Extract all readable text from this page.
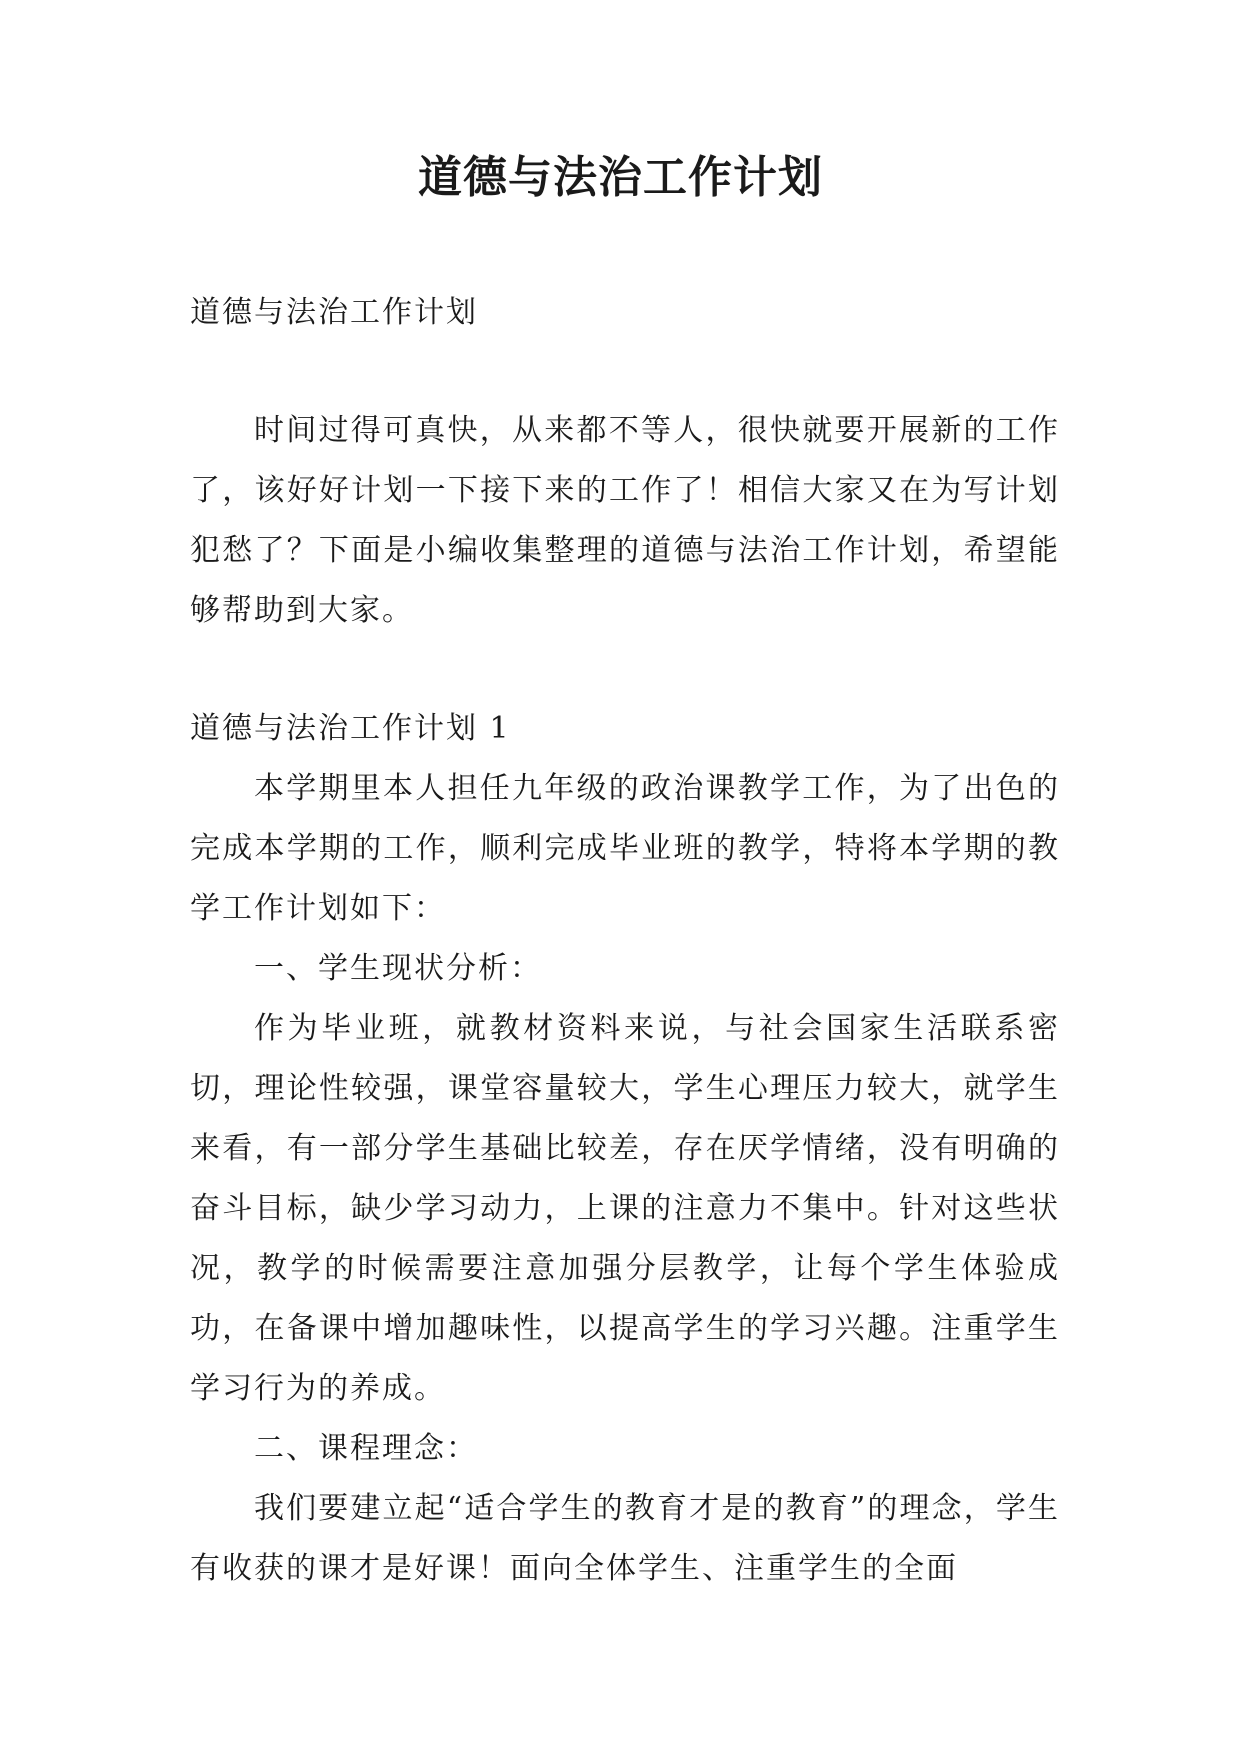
道德与法治工作计划

道德与法治工作计划

时间过得可真快，从来都不等人，很快就要开展新的工作了，该好好计划一下接下来的工作了！相信大家又在为写计划犯愁了？下面是小编收集整理的道德与法治工作计划，希望能够帮助到大家。

道德与法治工作计划 1

本学期里本人担任九年级的政治课教学工作，为了出色的完成本学期的工作，顺利完成毕业班的教学，特将本学期的教学工作计划如下：

一、学生现状分析：

作为毕业班，就教材资料来说，与社会国家生活联系密切，理论性较强，课堂容量较大，学生心理压力较大，就学生来看，有一部分学生基础比较差，存在厌学情绪，没有明确的奋斗目标，缺少学习动力，上课的注意力不集中。针对这些状况，教学的时候需要注意加强分层教学，让每个学生体验成功，在备课中增加趣味性，以提高学生的学习兴趣。注重学生学习行为的养成。

二、课程理念：

我们要建立起“适合学生的教育才是的教育”的理念，学生有收获的课才是好课！面向全体学生、注重学生的全面
